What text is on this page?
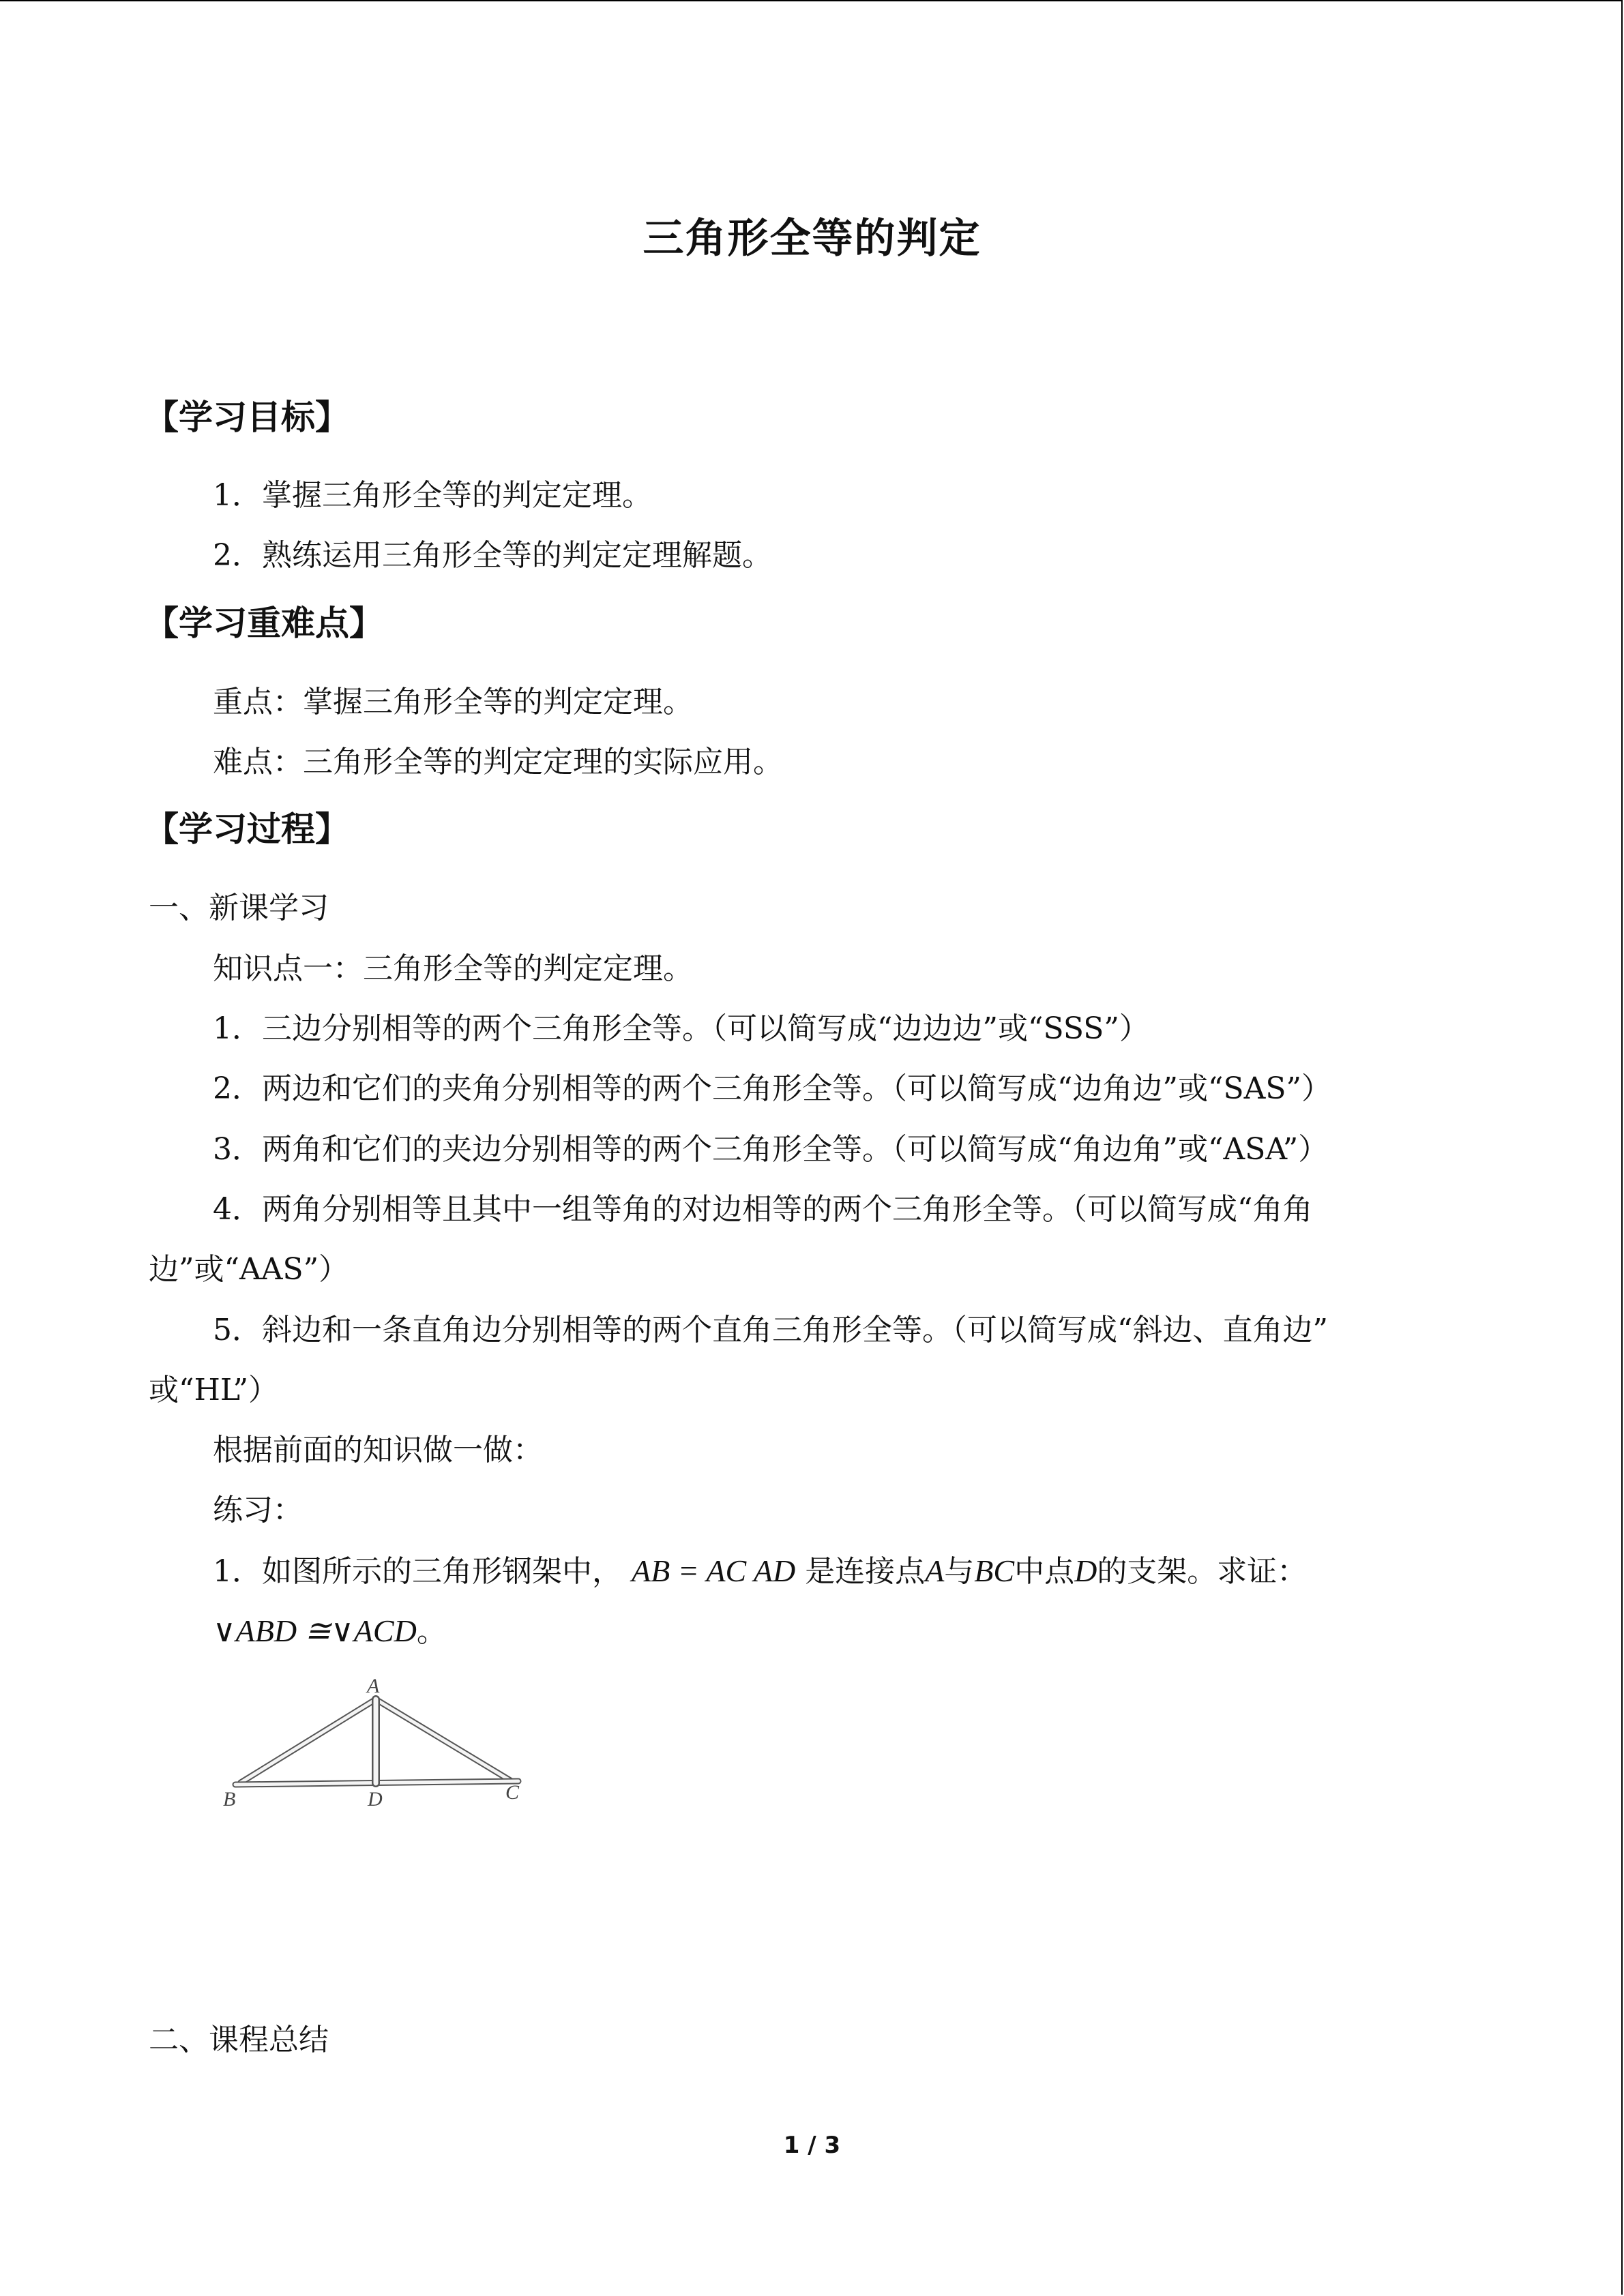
三角形全等的判定
【学习目标】
1．掌握三角形全等的判定定理。
2．熟练运用三角形全等的判定定理解题。
【学习重难点】
重点：掌握三角形全等的判定定理。
难点：三角形全等的判定定理的实际应用。
【学习过程】
一、新课学习
知识点一：三角形全等的判定定理。
1．三边分别相等的两个三角形全等。（可以简写成“边边边”或“SSS”）
2．两边和它们的夹角分别相等的两个三角形全等。（可以简写成“边角边”或“SAS”）
3．两角和它们的夹边分别相等的两个三角形全等。（可以简写成“角边角”或“ASA”）
4．两角分别相等且其中一组等角的对边相等的两个三角形全等。（可以简写成“角角
边”或“AAS”）
5．斜边和一条直角边分别相等的两个直角三角形全等。（可以简写成“斜边、直角边”
或“HL”）
根据前面的知识做一做：
练习：
1．如图所示的三角形钢架中， AB = AC AD 是连接点A与BC中点D的支架。求证：
∨ABD ≅∨ACD。
A
B	D	C
二、课程总结
1 / 3
